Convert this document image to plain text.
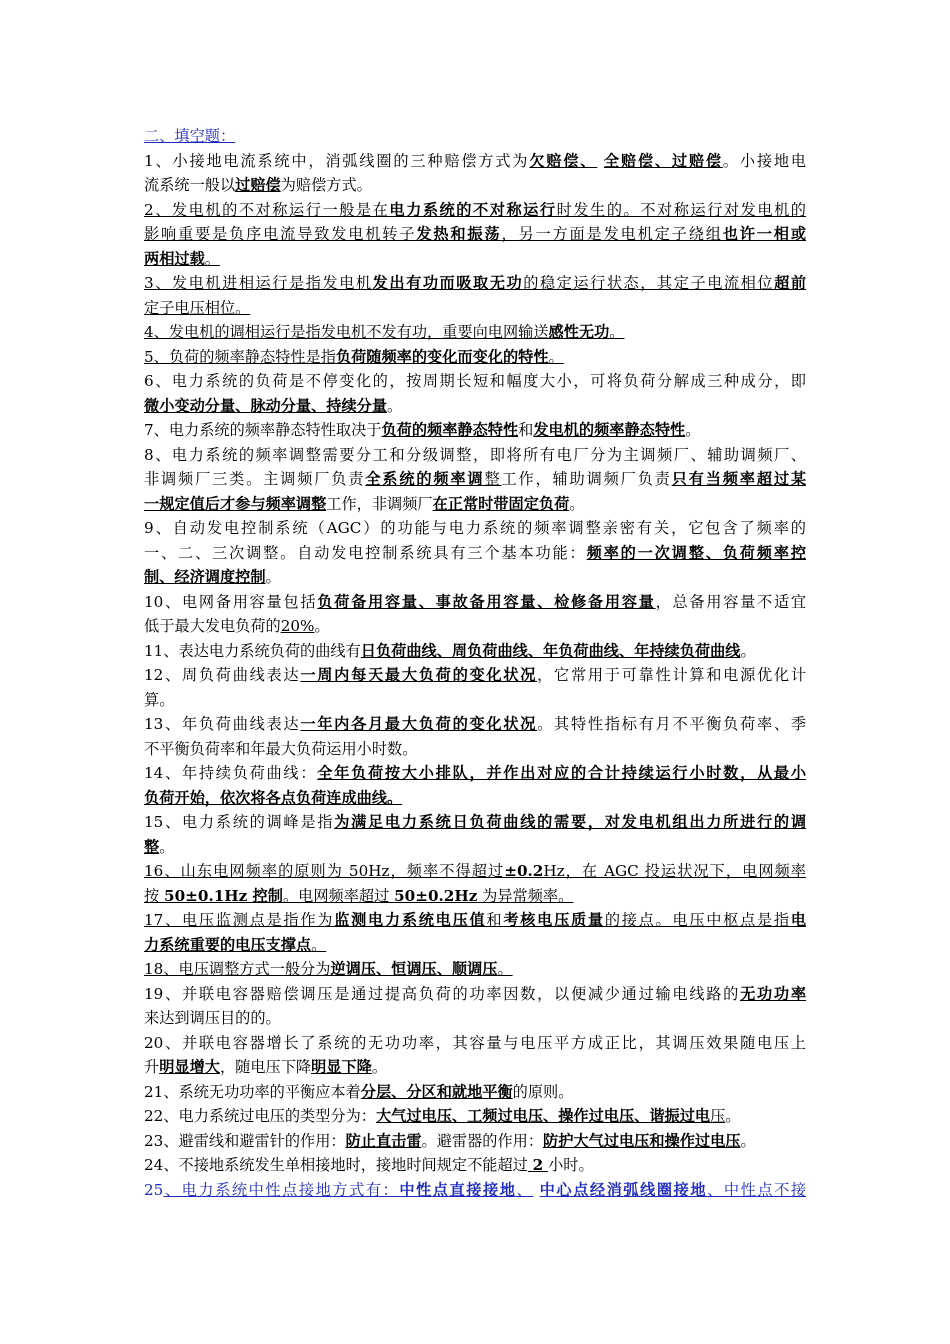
二、填空题：
1、小接地电流系统中，消弧线圈的三种赔偿方式为欠赔偿、 全赔偿、过赔偿。小接地电
流系统一般以过赔偿为赔偿方式。
2、发电机的不对称运行一般是在电力系统的不对称运行时发生的。不对称运行对发电机的
影响重要是负序电流导致发电机转子发热和振荡，另一方面是发电机定子绕组也许一相或
两相过载。
3、发电机进相运行是指发电机发出有功而吸取无功的稳定运行状态，其定子电流相位超前
定子电压相位。
4、发电机的调相运行是指发电机不发有功，重要向电网输送感性无功。
5、负荷的频率静态特性是指负荷随频率的变化而变化的特性。
6、电力系统的负荷是不停变化的，按周期长短和幅度大小，可将负荷分解成三种成分，即
微小变动分量、脉动分量、持续分量。
7、电力系统的频率静态特性取决于负荷的频率静态特性和发电机的频率静态特性。
8、电力系统的频率调整需要分工和分级调整，即将所有电厂分为主调频厂、辅助调频厂、
非调频厂三类。主调频厂负责全系统的频率调整工作，辅助调频厂负责只有当频率超过某
一规定值后才参与频率调整工作，非调频厂在正常时带固定负荷。
9、自动发电控制系统（AGC）的功能与电力系统的频率调整亲密有关，它包含了频率的
一、二、三次调整。自动发电控制系统具有三个基本功能：频率的一次调整、负荷频率控
制、经济调度控制。
10、电网备用容量包括负荷备用容量、事故备用容量、检修备用容量，总备用容量不适宜
低于最大发电负荷的20%。
11、表达电力系统负荷的曲线有日负荷曲线、周负荷曲线、年负荷曲线、年持续负荷曲线。
12、周负荷曲线表达一周内每天最大负荷的变化状况，它常用于可靠性计算和电源优化计
算。
13、年负荷曲线表达一年内各月最大负荷的变化状况。其特性指标有月不平衡负荷率、季
不平衡负荷率和年最大负荷运用小时数。
14、年持续负荷曲线：全年负荷按大小排队，并作出对应的合计持续运行小时数，从最小
负荷开始，依次将各点负荷连成曲线。
15、电力系统的调峰是指为满足电力系统日负荷曲线的需要，对发电机组出力所进行的调
整。
16、山东电网频率的原则为 50Hz，频率不得超过±0.2Hz，在 AGC 投运状况下，电网频率
按 50±0.1Hz 控制。电网频率超过 50±0.2Hz 为异常频率。
17、电压监测点是指作为监测电力系统电压值和考核电压质量的接点。电压中枢点是指电
力系统重要的电压支撑点。
18、电压调整方式一般分为逆调压、恒调压、顺调压。
19、并联电容器赔偿调压是通过提高负荷的功率因数，以便减少通过输电线路的无功功率
来达到调压目的的。
20、并联电容器增长了系统的无功功率，其容量与电压平方成正比，其调压效果随电压上
升明显增大，随电压下降明显下降。
21、系统无功功率的平衡应本着分层、分区和就地平衡的原则。
22、电力系统过电压的类型分为：大气过电压、工频过电压、操作过电压、谐振过电压。
23、避雷线和避雷针的作用：防止直击雷。避雷器的作用：防护大气过电压和操作过电压。
24、不接地系统发生单相接地时，接地时间规定不能超过 2 小时。
25、电力系统中性点接地方式有：中性点直接接地、 中心点经消弧线圈接地、中性点不接
